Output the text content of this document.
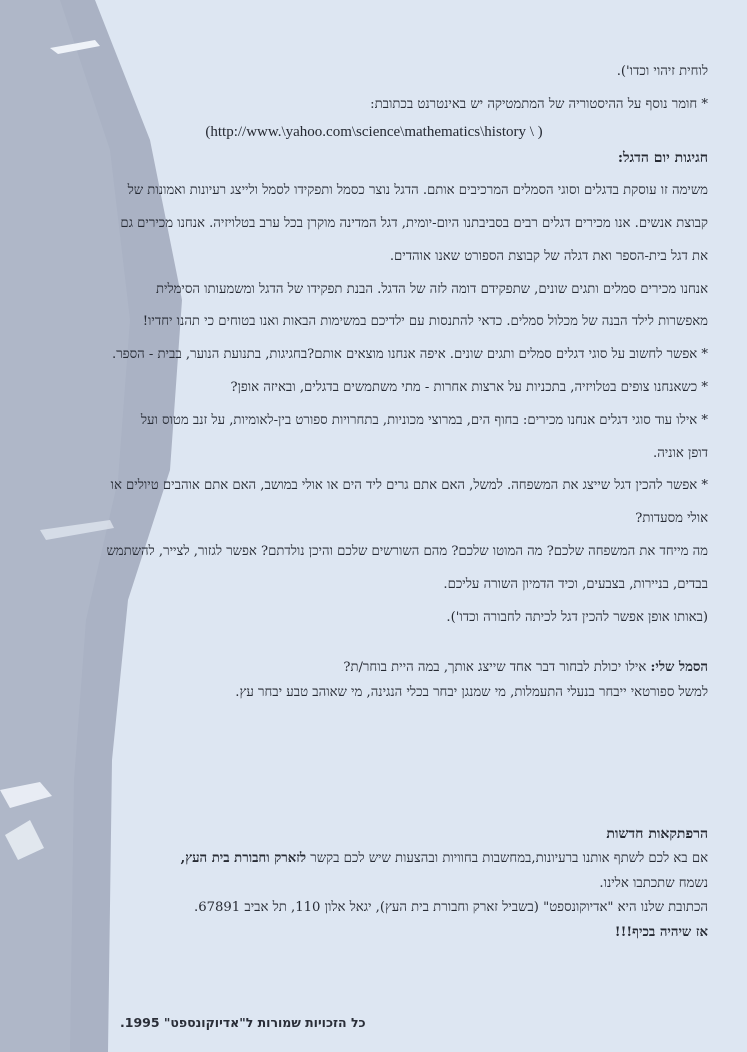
לוחית זיהוי וכדו').

* חומר נוסף על ההיסטוריה של המתמטיקה יש באינטרנט בכתובת:

(http://www.\yahoo.com\science\mathematics\history \ )

חגיגות יום הדגל:

משימה זו עוסקת בדגלים וסוגי הסמלים המרכיבים אותם. הדגל נוצר כסמל ותפקידו לסמל ולייצג רעיונות ואמונות של

קבוצת אנשים. אנו מכירים דגלים רבים בסביבתנו היום-יומית, דגל המדינה מוקרן בכל ערב בטלויזיה. אנחנו מכירים גם

את דגל בית-הספר ואת דגלה של קבוצת הספורט שאנו אוהדים.

אנחנו מכירים סמלים ותגים שונים, שתפקידם דומה לזה של הדגל. הבנת תפקידו של הדגל ומשמעותו הסימלית

מאפשרות לילד הבנה של מכלול סמלים. כדאי להתנסות עם ילדיכם במשימות הבאות ואנו בטוחים כי תהנו יחדיו!

* אפשר לחשוב על סוגי דגלים סמלים ותגים שונים. איפה אנחנו מוצאים אותם?בחגיגות, בתנועת הנוער, בבית - הספר.

* כשאנחנו צופים בטלויזיה, בתכניות על ארצות אחרות - מתי משתמשים בדגלים, ובאיזה אופן?

* אילו עוד סוגי דגלים אנחנו מכירים: בחוף הים, במרוצי מכוניות, בתחרויות ספורט בין-לאומיות, על זנב מטוס ועל

דופן אוניה.

* אפשר להכין דגל שייצג את המשפחה. למשל, האם אתם גרים ליד הים או אולי במושב, האם אתם אוהבים טיולים או

אולי מסעדות?

מה מייחד את המשפחה שלכם? מה המוטו שלכם? מהם השורשים שלכם והיכן נולדתם? אפשר לגזור, לצייר, להשתמש

בבדים, בניירות, בצבעים, וכיד הדמיון השורה עליכם.

(באותו אופן אפשר להכין דגל לכיתה לחבורה וכדו').

הסמל שלי: אילו יכולת לבחור דבר אחד שייצג אותך, במה היית בוחר/ת?

למשל ספורטאי ייבחר בנעלי התעמלות, מי שמנגן יבחר בכלי הנגינה, מי שאוהב טבע יבחר עץ.

הרפתקאות חדשות

אם בא לכם לשתף אותנו ברעיונות,במחשבות בחוויות ובהצעות שיש לכם בקשר לזארק וחבורת בית העץ,

נשמח שתכתבו אלינו.

הכתובת שלנו היא "אדיוקונספט" (בשביל זארק וחבורת בית העץ), יגאל אלון 110, תל אביב 67891.

אז שיהיה בכיף!!!

כל הזכויות שמורות ל"אדיוקונספט" 1995.
